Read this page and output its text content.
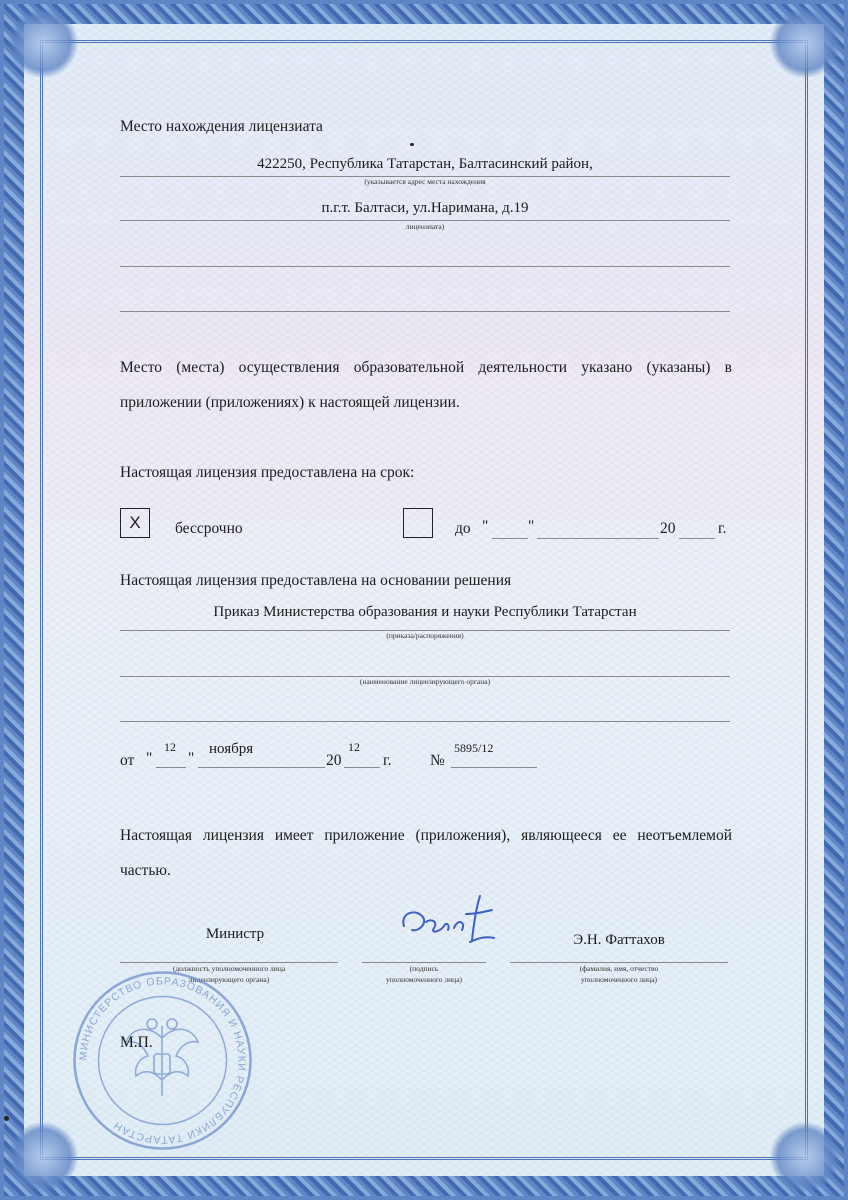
Место нахождения лицензиата
422250, Республика Татарстан, Балтасинский район,
(указывается адрес места нахождения
п.г.т. Балтаси, ул.Наримана, д.19
лицензиата)
Место (места) осуществления образовательной деятельности указано (указаны) в приложении (приложениях) к настоящей лицензии.
Настоящая лицензия предоставлена на срок:
X	бессрочно	до "	"	20	г.
Настоящая лицензия предоставлена на основании решения
Приказ Министерства образования и науки Республики Татарстан
(приказа/распоряжения)
(наименование лицензирующего органа)
от "
12
"
ноября
20
12
г. №
5895/12
Настоящая лицензия имеет приложение (приложения), являющееся ее неотъемлемой частью.
Министр
(должность уполномоченного лица
лицензирующего органа)
(подпись
уполномоченного лица)
Э.Н. Фаттахов
(фамилия, имя, отчество
уполномоченного лица)
МИНИСТЕРСТВО ОБРАЗОВАНИЯ И НАУКИ РЕСПУБЛИКИ ТАТАРСТАН
М.П.
